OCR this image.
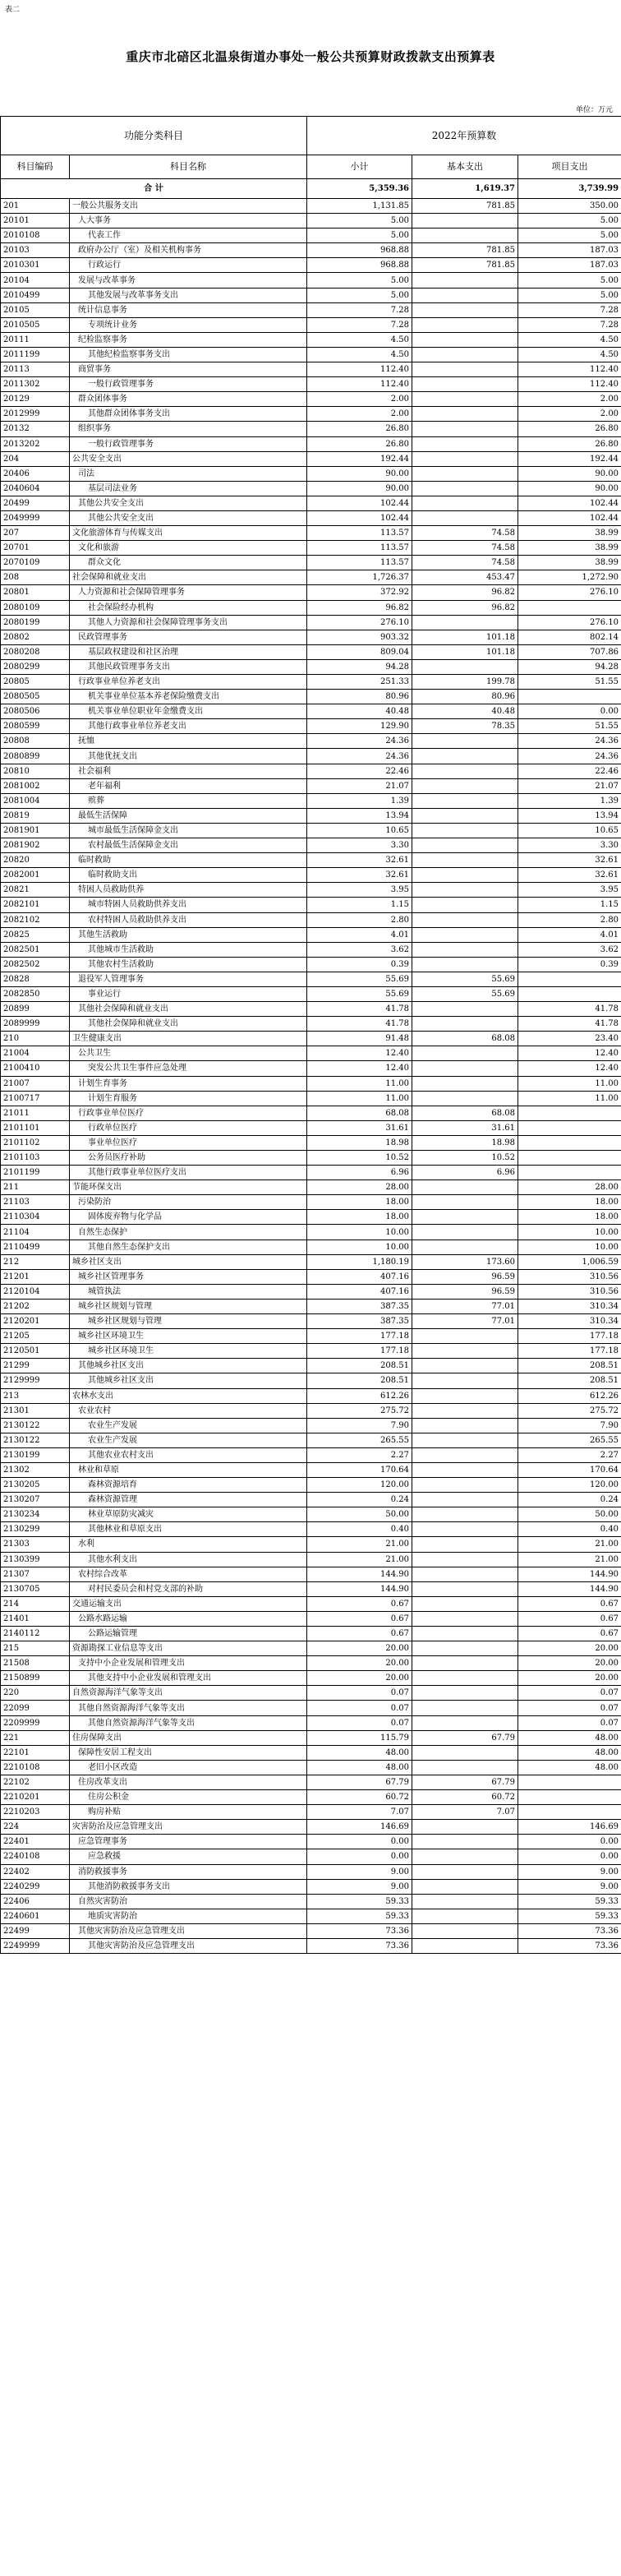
表二
重庆市北碚区北温泉街道办事处一般公共预算财政拨款支出预算表
单位：万元
功能分类科目		2022年预算数		
科目编码	科目名称	小计	基本支出	项目支出
合 计		5,359.36	1,619.37	3,739.99
201	一般公共服务支出	1,131.85	781.85	350.00
20101	人大事务	5.00		5.00
2010108	代表工作	5.00		5.00
20103	政府办公厅（室）及相关机构事务	968.88	781.85	187.03
2010301	行政运行	968.88	781.85	187.03
20104	发展与改革事务	5.00		5.00
2010499	其他发展与改革事务支出	5.00		5.00
20105	统计信息事务	7.28		7.28
2010505	专项统计业务	7.28		7.28
20111	纪检监察事务	4.50		4.50
2011199	其他纪检监察事务支出	4.50		4.50
20113	商贸事务	112.40		112.40
2011302	一般行政管理事务	112.40		112.40
20129	群众团体事务	2.00		2.00
2012999	其他群众团体事务支出	2.00		2.00
20132	组织事务	26.80		26.80
2013202	一般行政管理事务	26.80		26.80
204	公共安全支出	192.44		192.44
20406	司法	90.00		90.00
2040604	基层司法业务	90.00		90.00
20499	其他公共安全支出	102.44		102.44
2049999	其他公共安全支出	102.44		102.44
207	文化旅游体育与传媒支出	113.57	74.58	38.99
20701	文化和旅游	113.57	74.58	38.99
2070109	群众文化	113.57	74.58	38.99
208	社会保障和就业支出	1,726.37	453.47	1,272.90
20801	人力资源和社会保障管理事务	372.92	96.82	276.10
2080109	社会保险经办机构	96.82	96.82	
2080199	其他人力资源和社会保障管理事务支出	276.10		276.10
20802	民政管理事务	903.32	101.18	802.14
2080208	基层政权建设和社区治理	809.04	101.18	707.86
2080299	其他民政管理事务支出	94.28		94.28
20805	行政事业单位养老支出	251.33	199.78	51.55
2080505	机关事业单位基本养老保险缴费支出	80.96	80.96	
2080506	机关事业单位职业年金缴费支出	40.48	40.48	0.00
2080599	其他行政事业单位养老支出	129.90	78.35	51.55
20808	抚恤	24.36		24.36
2080899	其他优抚支出	24.36		24.36
20810	社会福利	22.46		22.46
2081002	老年福利	21.07		21.07
2081004	殡葬	1.39		1.39
20819	最低生活保障	13.94		13.94
2081901	城市最低生活保障金支出	10.65		10.65
2081902	农村最低生活保障金支出	3.30		3.30
20820	临时救助	32.61		32.61
2082001	临时救助支出	32.61		32.61
20821	特困人员救助供养	3.95		3.95
2082101	城市特困人员救助供养支出	1.15		1.15
2082102	农村特困人员救助供养支出	2.80		2.80
20825	其他生活救助	4.01		4.01
2082501	其他城市生活救助	3.62		3.62
2082502	其他农村生活救助	0.39		0.39
20828	退役军人管理事务	55.69	55.69	
2082850	事业运行	55.69	55.69	
20899	其他社会保障和就业支出	41.78		41.78
2089999	其他社会保障和就业支出	41.78		41.78
210	卫生健康支出	91.48	68.08	23.40
21004	公共卫生	12.40		12.40
2100410	突发公共卫生事件应急处理	12.40		12.40
21007	计划生育事务	11.00		11.00
2100717	计划生育服务	11.00		11.00
21011	行政事业单位医疗	68.08	68.08	
2101101	行政单位医疗	31.61	31.61	
2101102	事业单位医疗	18.98	18.98	
2101103	公务员医疗补助	10.52	10.52	
2101199	其他行政事业单位医疗支出	6.96	6.96	
211	节能环保支出	28.00		28.00
21103	污染防治	18.00		18.00
2110304	固体废弃物与化学品	18.00		18.00
21104	自然生态保护	10.00		10.00
2110499	其他自然生态保护支出	10.00		10.00
212	城乡社区支出	1,180.19	173.60	1,006.59
21201	城乡社区管理事务	407.16	96.59	310.56
2120104	城管执法	407.16	96.59	310.56
21202	城乡社区规划与管理	387.35	77.01	310.34
2120201	城乡社区规划与管理	387.35	77.01	310.34
21205	城乡社区环境卫生	177.18		177.18
2120501	城乡社区环境卫生	177.18		177.18
21299	其他城乡社区支出	208.51		208.51
2129999	其他城乡社区支出	208.51		208.51
213	农林水支出	612.26		612.26
21301	农业农村	275.72		275.72
2130122	农业生产发展	7.90		7.90
2130122	农业生产发展	265.55		265.55
2130199	其他农业农村支出	2.27		2.27
21302	林业和草原	170.64		170.64
2130205	森林资源培育	120.00		120.00
2130207	森林资源管理	0.24		0.24
2130234	林业草原防灾减灾	50.00		50.00
2130299	其他林业和草原支出	0.40		0.40
21303	水利	21.00		21.00
2130399	其他水利支出	21.00		21.00
21307	农村综合改革	144.90		144.90
2130705	对村民委员会和村党支部的补助	144.90		144.90
214	交通运输支出	0.67		0.67
21401	公路水路运输	0.67		0.67
2140112	公路运输管理	0.67		0.67
215	资源勘探工业信息等支出	20.00		20.00
21508	支持中小企业发展和管理支出	20.00		20.00
2150899	其他支持中小企业发展和管理支出	20.00		20.00
220	自然资源海洋气象等支出	0.07		0.07
22099	其他自然资源海洋气象等支出	0.07		0.07
2209999	其他自然资源海洋气象等支出	0.07		0.07
221	住房保障支出	115.79	67.79	48.00
22101	保障性安居工程支出	48.00		48.00
2210108	老旧小区改造	48.00		48.00
22102	住房改革支出	67.79	67.79	
2210201	住房公积金	60.72	60.72	
2210203	购房补贴	7.07	7.07	
224	灾害防治及应急管理支出	146.69		146.69
22401	应急管理事务	0.00		0.00
2240108	应急救援	0.00		0.00
22402	消防救援事务	9.00		9.00
2240299	其他消防救援事务支出	9.00		9.00
22406	自然灾害防治	59.33		59.33
2240601	地质灾害防治	59.33		59.33
22499	其他灾害防治及应急管理支出	73.36		73.36
2249999	其他灾害防治及应急管理支出	73.36		73.36
